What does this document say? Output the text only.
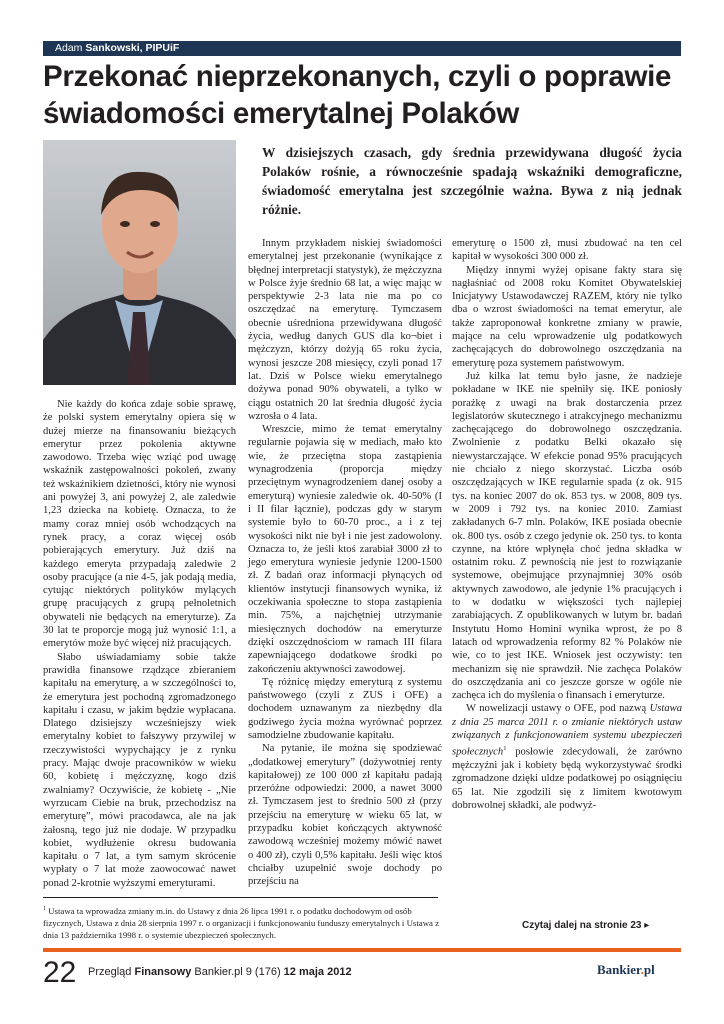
Adam Sankowski, PIPUiF
Przekonać nieprzekonanych, czyli o poprawie świadomości emerytalnej Polaków

W dzisiejszych czasach, gdy średnia przewidywana długość życia Polaków rośnie, a równocześnie spadają wskaźniki demograficzne, świadomość emerytalna jest szczególnie ważna. Bywa z nią jednak różnie.

Nie każdy do końca zdaje sobie sprawę, że polski system emerytalny opiera się w dużej mierze na finansowaniu bieżących emerytur przez pokolenia aktywne zawodowo. Trzeba więc wziąć pod uwagę wskaźnik zastępowalności pokoleń, zwany też wskaźnikiem dzietności, który nie wynosi ani powyżej 3, ani powyżej 2, ale zaledwie 1,23 dziecka na kobietę. Oznacza, to że mamy coraz mniej osób wchodzących na rynek pracy, a coraz więcej osób pobierających emerytury. Już dziś na każdego emeryta przypadają zaledwie 2 osoby pracujące (a nie 4-5, jak podają media, cytując niektórych polityków mylących grupę pracujących z grupą pełnoletnich obywateli nie będących na emeryturze). Za 30 lat te proporcje mogą już wynosić 1:1, a emerytów może być więcej niż pracujących.

Słabo uświadamiamy sobie także prawidła finansowe rządzące zbieraniem kapitału na emeryturę, a w szczególności to, że emerytura jest pochodną zgromadzonego kapitału i czasu, w jakim będzie wypłacana. Dlatego dzisiejszy wcześniejszy wiek emerytalny kobiet to fałszywy przywilej w rzeczywistości wypychający je z rynku pracy. Mając dwoje pracowników w wieku 60, kobietę i mężczyznę, kogo dziś zwalniamy? Oczywiście, że kobietę - „Nie wyrzucam Ciebie na bruk, przechodzisz na emeryturę”, mówi pracodawca, ale na jak żałosną, tego już nie dodaje. W przypadku kobiet, wydłużenie okresu budowania kapitału o 7 lat, a tym samym skrócenie wypłaty o 7 lat może zaowocować nawet ponad 2-krotnie wyższymi emeryturami.

Innym przykładem niskiej świadomości emerytalnej jest przekonanie (wynikające z błędnej interpretacji statystyk), że mężczyzna w Polsce żyje średnio 68 lat, a więc mając w perspektywie 2-3 lata nie ma po co oszczędzać na emeryturę. Tymczasem obecnie uśredniona przewidywana długość życia, według danych GUS dla ko¬biet i mężczyzn, którzy dożyją 65 roku życia, wynosi jeszcze 208 miesięcy, czyli ponad 17 lat. Dziś w Polsce wieku emerytalnego dożywa ponad 90% obywateli, a tylko w ciągu ostatnich 20 lat średnia długość życia wzrosła o 4 lata.

Wreszcie, mimo że temat emerytalny regularnie pojawia się w mediach, mało kto wie, że przeciętna stopa zastąpienia wynagrodzenia (proporcja między przeciętnym wynagrodzeniem danej osoby a emeryturą) wyniesie zaledwie ok. 40-50% (I i II filar łącznie), podczas gdy w starym systemie było to 60-70 proc., a i z tej wysokości nikt nie był i nie jest zadowolony. Oznacza to, że jeśli ktoś zarabiał 3000 zł to jego emerytura wyniesie jedynie 1200-1500 zł. Z badań oraz informacji płynących od klientów instytucji finansowych wynika, iż oczekiwania społeczne to stopa zastąpienia min. 75%, a najchętniej utrzymanie miesięcznych dochodów na emeryturze dzięki oszczędnościom w ramach III filara zapewniającego dodatkowe środki po zakończeniu aktywności zawodowej.

Tę różnicę między emeryturą z systemu państwowego (czyli z ZUS i OFE) a dochodem uznawanym za niezbędny dla godziwego życia można wyrównać poprzez samodzielne zbudowanie kapitału.

Na pytanie, ile można się spodziewać „dodatkowej emerytury” (dożywotniej renty kapitałowej) ze 100 000 zł kapitału padają przeróżne odpowiedzi: 2000, a nawet 3000 zł. Tymczasem jest to średnio 500 zł (przy przejściu na emeryturę w wieku 65 lat, w przypadku kobiet kończących aktywność zawodową wcześniej możemy mówić nawet o 400 zł), czyli 0,5% kapitału. Jeśli więc ktoś chciałby uzupełnić swoje dochody po przejściu na

emeryturę o 1500 zł, musi zbudować na ten cel kapitał w wysokości 300 000 zł.

Między innymi wyżej opisane fakty stara się nagłaśniać od 2008 roku Komitet Obywatelskiej Inicjatywy Ustawodawczej RAZEM, który nie tylko dba o wzrost świadomości na temat emerytur, ale także zaproponował konkretne zmiany w prawie, mające na celu wprowadzenie ulg podatkowych zachęcających do dobrowolnego oszczędzania na emeryturę poza systemem państwowym.

Już kilka lat temu było jasne, że nadzieje pokładane w IKE nie spełniły się. IKE poniosły porażkę z uwagi na brak dostarczenia przez legislatorów skutecznego i atrakcyjnego mechanizmu zachęcającego do dobrowolnego oszczędzania. Zwolnienie z podatku Belki okazało się niewystarczające. W efekcie ponad 95% pracujących nie chciało z niego skorzystać. Liczba osób oszczędzających w IKE regularnie spada (z ok. 915 tys. na koniec 2007 do ok. 853 tys. w 2008, 809 tys. w 2009 i 792 tys. na koniec 2010. Zamiast zakładanych 6-7 mln. Polaków, IKE posiada obecnie ok. 800 tys. osób z czego jedynie ok. 250 tys. to konta czynne, na które wpłynęła choć jedna składka w ostatnim roku. Z pewnością nie jest to rozwiązanie systemowe, obejmujące przynajmniej 30% osób aktywnych zawodowo, ale jedynie 1% pracujących i to w dodatku w większości tych najlepiej zarabiających. Z opublikowanych w lutym br. badań Instytutu Homo Homini wynika wprost, że po 8 latach od wprowadzenia reformy 82 % Polaków nie wie, co to jest IKE. Wniosek jest oczywisty: ten mechanizm się nie sprawdził. Nie zachęca Polaków do oszczędzania ani co jeszcze gorsze w ogóle nie zachęca ich do myślenia o finansach i emeryturze.

W nowelizacji ustawy o OFE, pod nazwą Ustawa z dnia 25 marca 2011 r. o zmianie niektórych ustaw związanych z funkcjonowaniem systemu ubezpieczeń społecznych$^1$ posłowie zdecydowali, że zarówno mężczyźni jak i kobiety będą wykorzystywać środki zgromadzone dzięki uldze podatkowej po osiągnięciu 65 lat. Nie zgodzili się z limitem kwotowym dobrowolnej składki, ale podwyż-

$^1$ Ustawa ta wprowadza zmiany m.in. do Ustawy z dnia 26 lipca 1991 r. o podatku dochodowym od osób fizycznych, Ustawa z dnia 28 sierpnia 1997 r. o organizacji i funkcjonowaniu funduszy emerytalnych i Ustawa z dnia 13 października 1998 r. o systemie ubezpieczeń społecznych.

Czytaj dalej na stronie 23 ▸
22 Przegląd Finansowy Bankier.pl 9 (176) 12 maja 2012	Bankier.pl
